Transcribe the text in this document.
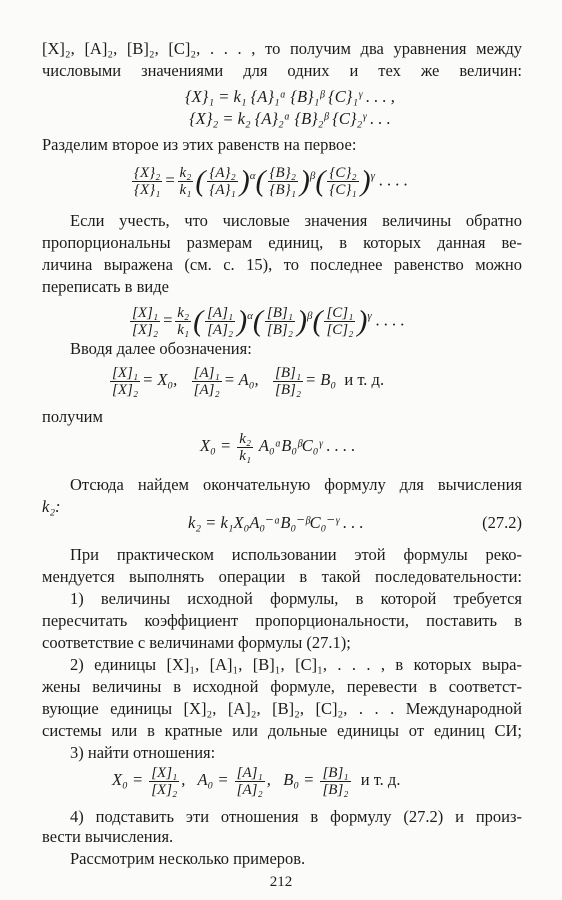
[X]₂, [A]₂, [B]₂, [C]₂, . . . , то получим два уравнения между
числовыми значениями для одних и тех же величин:
{X}₁ = k₁ {A}₁ᵅ {B}₁ᵝ {C}₁ᵞ . . . ,
{X}₂ = k₂ {A}₂ᵅ {B}₂ᵝ {C}₂ᵞ . . .
Разделим второе из этих равенств на первое:
$\frac{\text{\{X\}₂}}{\text{\{X\}₁}} = \frac{\text{k₂}}{\text{k₁}}$ ( $\frac{\text{\{A\}₂}}{\text{\{A\}₁}} )^\alpha( \frac{\text{\{B\}₂}}{\text{\{B\}₁}} )^\beta( \frac{\text{\{C\}₂}}{\text{\{C\}₁}} )^\gamma$ . . . .
Если учесть, что числовые значения величины обратно
пропорциональны размерам единиц, в которых данная ве-
личина выражена (см. с. 15), то последнее равенство можно
переписать в виде
$\frac{\text{[X]₁}}{\text{[X]₂}} = \frac{\text{k₂}}{\text{k₁}}$ ( $\frac{\text{[A]₁}}{\text{[A]₂}} )^\alpha( \frac{\text{[B]₁}}{\text{[B]₂}} )^\beta( \frac{\text{[C]₁}}{\text{[C]₂}} )^\gamma$ . . . .
Вводя далее обозначения:
$\frac{\text{[X]₁}}{\text{[X]₂}} = X_0$, $\frac{\text{[A]₁}}{\text{[A]₂}} = A_0$, $\frac{\text{[B]₁}}{\text{[B]₂}} = B_0$  и т. д.
получим
$X_0 = \frac{\text{k₂}}{\text{k₁}}$ A₀ᵅB₀ᵝC₀ᵞ . . . .
Отсюда найдем окончательную формулу для вычисления
k₂:
k₂ = k₁X₀A₀⁻ᵅB₀⁻ᵝC₀⁻ᵞ . . .	(27.2)
При практическом использовании этой формулы реко-
мендуется выполнять операции в такой последовательности:
1) величины исходной формулы, в которой требуется
пересчитать коэффициент пропорциональности, поставить в
соответствие с величинами формулы (27.1);
2) единицы [X]₁, [A]₁, [B]₁, [C]₁, . . . , в которых выра-
жены величины в исходной формуле, перевести в соответст-
вующие единицы [X]₂, [A]₂, [B]₂, [C]₂, . . . Международной
системы или в кратные или дольные единицы от единиц СИ;
3) найти отношения:
$X_0 = \frac{\text{[X]₁}}{\text{[X]₂}}$ ,   $A_0 = \frac{\text{[A]₁}}{\text{[A]₂}}$ ,   $B_0 = \frac{\text{[B]₁}}{\text{[B]₂}}$ и т. д.
4) подставить эти отношения в формулу (27.2) и произ-
вести вычисления.
212
Рассмотрим несколько примеров.
